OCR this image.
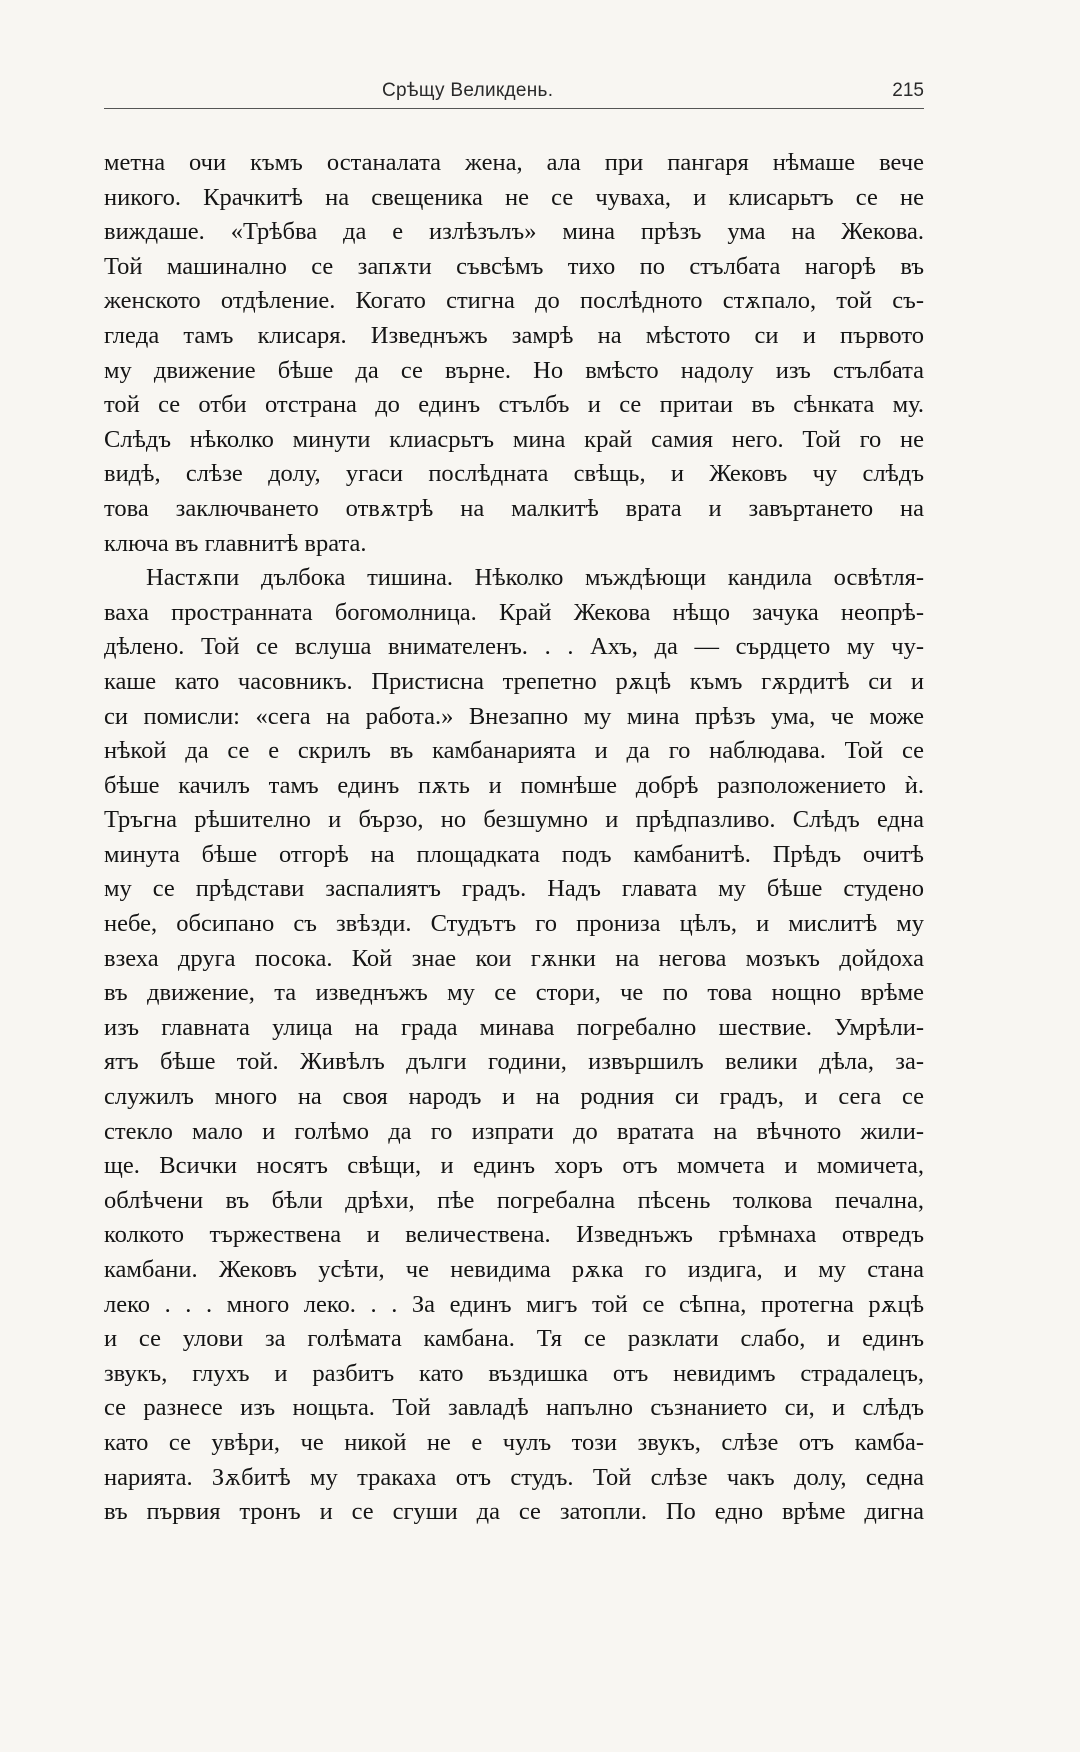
Срѣщу Великдень.	215
метна очи къмъ останалата жена, ала при пангаря нѣмаше вече
никого. Крачкитѣ на свещеника не се чуваха, и клисарьтъ се не
виждаше. «Трѣбва да е излѣзълъ» мина прѣзъ ума на Жекова.
Той машинално се запѫти съвсѣмъ тихо по стълбата нагорѣ въ
женското отдѣление. Когато стигна до послѣдното стѫпало, той съ-
глeда тамъ клисаря. Изведнъжъ замрѣ на мѣстото си и първото
му движение бѣше да се върне. Но вмѣсто надолу изъ стълбата
той се отби отстрана до единъ стълбъ и се притаи въ сѣнката му.
Слѣдъ нѣколко минути клиасрьтъ мина край самия него. Той го не
видѣ, слѣзе долу, угаси послѣдната свѣщь, и Жековъ чу слѣдъ
това заключването отвѫтрѣ на малкитѣ врата и завъртането на
ключа въ главнитѣ врата.
Настѫпи дълбока тишина. Нѣколко мъждѣющи кандила освѣтля-
ваха пространната богомолница. Край Жекова нѣщо зачука неопрѣ-
дѣлено. Той се вслуша внимателенъ. . . Ахъ, да — сърдцето му чу-
каше като часовникъ. Пристисна трепетно рѫцѣ къмъ гѫрдитѣ си и
си помисли: «сега на работа.» Внезапно му мина прѣзъ ума, че може
нѣкой да се е скрилъ въ камбанарията и да го наблюдава. Той се
бѣше качилъ тамъ единъ пѫть и помнѣше добрѣ разположението ѝ.
Тръгна рѣшително и бързо, но безшумно и прѣдпазливо. Слѣдъ една
минута бѣше отгорѣ на площадката подъ камбанитѣ. Прѣдъ очитѣ
му се прѣдстави заспалиятъ градъ. Надъ главата му бѣше студено
небе, обсипано съ звѣзди. Студътъ го прониза цѣлъ, и мислитѣ му
взеха друга посока. Кой знае кои гѫнки на негова мозъкъ дойдоха
въ движение, та изведнъжъ му се стори, че по това нощно врѣме
изъ главната улица на града минава погребално шествие. Умрѣли-
ятъ бѣше той. Живѣлъ дълги години, извършилъ велики дѣла, за-
служилъ много на своя народъ и на родния си градъ, и сега се
стекло мало и голѣмо да го изпрати до вратата на вѣчното жили-
ще. Всички носятъ свѣщи, и единъ хоръ отъ момчета и момичета,
облѣчени въ бѣли дрѣхи, пѣе погребална пѣсень толкова печална,
колкото тържествена и величествена. Изведнъжъ грѣмнаха отвредъ
камбани. Жековъ усѣти, че невидима рѫка го издига, и му стана
леко . . . много леко. . . За единъ мигъ той се сѣпна, протегна рѫцѣ
и се улови за голѣмата камбана. Тя се разклати слабо, и единъ
звукъ, глухъ и разбитъ като въздишка отъ невидимъ страдалецъ,
се разнесе изъ нощьта. Той завладѣ напълно съзнанието си, и слѣдъ
като се увѣри, че никой не е чулъ този звукъ, слѣзе отъ камба-
нарията. Зѫбитѣ му тракаха отъ студъ. Той слѣзе чакъ долу, седна
въ първия тронъ и се сгуши да се затопли. По едно врѣме дигна
